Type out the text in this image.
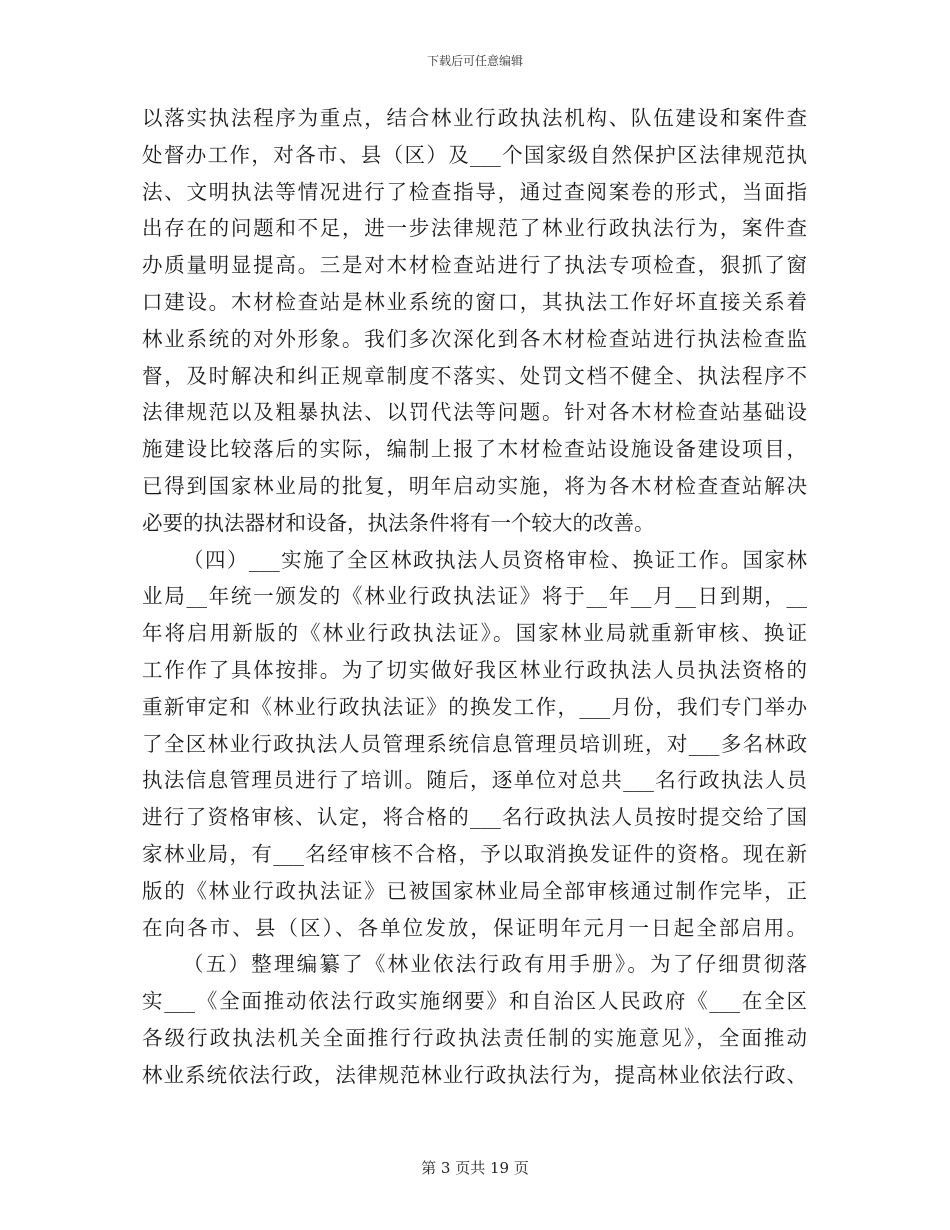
下载后可任意编辑
以落实执法程序为重点，结合林业行政执法机构、队伍建设和案件查
处督办工作，对各市、县（区）及___个国家级自然保护区法律规范执
法、文明执法等情况进行了检查指导，通过查阅案卷的形式，当面指
出存在的问题和不足，进一步法律规范了林业行政执法行为，案件查
办质量明显提高。三是对木材检查站进行了执法专项检查，狠抓了窗
口建设。木材检查站是林业系统的窗口，其执法工作好坏直接关系着
林业系统的对外形象。我们多次深化到各木材检查站进行执法检查监
督，及时解决和纠正规章制度不落实、处罚文档不健全、执法程序不
法律规范以及粗暴执法、以罚代法等问题。针对各木材检查站基础设
施建设比较落后的实际，编制上报了木材检查站设施设备建设项目，
已得到国家林业局的批复，明年启动实施，将为各木材检查查站解决
必要的执法器材和设备，执法条件将有一个较大的改善。
（四）___实施了全区林政执法人员资格审检、换证工作。国家林
业局__年统一颁发的《林业行政执法证》将于__年__月__日到期，__
年将启用新版的《林业行政执法证》。国家林业局就重新审核、换证
工作作了具体按排。为了切实做好我区林业行政执法人员执法资格的
重新审定和《林业行政执法证》的换发工作，___月份，我们专门举办
了全区林业行政执法人员管理系统信息管理员培训班，对___多名林政
执法信息管理员进行了培训。随后，逐单位对总共___名行政执法人员
进行了资格审核、认定，将合格的___名行政执法人员按时提交给了国
家林业局，有___名经审核不合格，予以取消换发证件的资格。现在新
版的《林业行政执法证》已被国家林业局全部审核通过制作完毕，正
在向各市、县（区）、各单位发放，保证明年元月一日起全部启用。
（五）整理编纂了《林业依法行政有用手册》。为了仔细贯彻落
实___《全面推动依法行政实施纲要》和自治区人民政府《___在全区
各级行政执法机关全面推行行政执法责任制的实施意见》，全面推动
林业系统依法行政，法律规范林业行政执法行为，提高林业依法行政、
第 3 页共 19 页
